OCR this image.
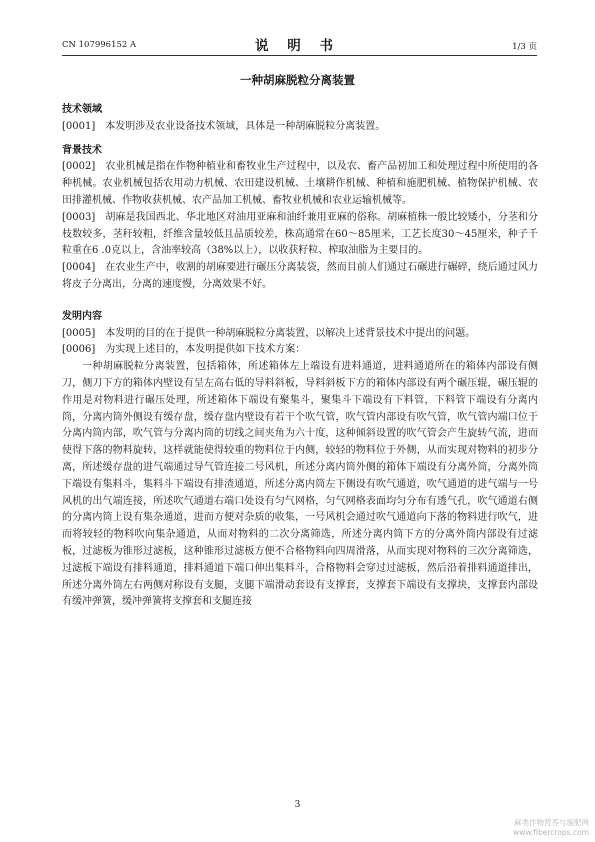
CN 107996152 A	说 明 书	1/3 页
一种胡麻脱粒分离装置
技术领域

[0001] 本发明涉及农业设备技术领域，具体是一种胡麻脱粒分离装置。

背景技术

[0002] 农业机械是指在作物种植业和畜牧业生产过程中，以及农、畜产品初加工和处理过程中所使用的各种机械。农业机械包括农用动力机械、农田建设机械、土壤耕作机械、种植和施肥机械、植物保护机械、农田排灌机械、作物收获机械、农产品加工机械、畜牧业机械和农业运输机械等。

[0003] 胡麻是我国西北、华北地区对油用亚麻和油纤兼用亚麻的俗称。胡麻植株一般比较矮小，分茎和分枝数较多，茎秆较粗，纤维含量较低且品质较差，株高通常在60～85厘米，工艺长度30～45厘米，种子千粒重在6 .0克以上，含油率较高（38%以上），以收获籽粒、榨取油脂为主要目的。

[0004] 在农业生产中，收割的胡麻要进行碾压分离装袋，然而目前人们通过石碾进行碾碎，绕后通过风力将皮子分离出，分离的速度慢，分离效果不好。

发明内容

[0005] 本发明的目的在于提供一种胡麻脱粒分离装置，以解决上述背景技术中提出的问题。

[0006] 为实现上述目的，本发明提供如下技术方案：

一种胡麻脱粒分离装置，包括箱体，所述箱体左上端设有进料通道，进料通道所在的箱体内部设有侧刀，侧刀下方的箱体内壁设有呈左高右低的导料斜板，导料斜板下方的箱体内部设有两个碾压辊，碾压辊的作用是对物料进行碾压处理，所述箱体下端设有聚集斗，聚集斗下端设有下料管，下料管下端设有分离内筒，分离内筒外侧设有缓存盘，缓存盘内壁设有若干个吹气管，吹气管内部设有吹气管，吹气管内端口位于分离内筒内部，吹气管与分离内筒的切线之间夹角为六十度，这种倾斜设置的吹气管会产生旋转气流，进而使得下落的物料旋转，这样就能使得较重的物料位于内侧，较轻的物料位于外侧，从而实现对物料的初步分离，所述缓存盘的进气端通过导气管连接二号风机，所述分离内筒外侧的箱体下端设有分离外筒，分离外筒下端设有集料斗，集料斗下端设有排渣通道，所述分离内筒左下侧设有吹气通道，吹气通道的进气端与一号风机的出气端连接，所述吹气通道右端口处设有匀气网格，匀气网格表面均匀分布有透气孔，吹气通道右侧的分离内筒上设有集杂通道，进而方便对杂质的收集，一号风机会通过吹气通道向下落的物料进行吹气，进而将较轻的物料吹向集杂通道，从而对物料的二次分离筛选，所述分离内筒下方的分离外筒内部设有过滤板，过滤板为锥形过滤板，这种锥形过滤板方便不合格物料向四周滑落，从而实现对物料的三次分离筛选，过滤板下端设有排料通道，排料通道下端口伸出集料斗，合格物料会穿过过滤板，然后沿着排料通道排出，所述分离外筒左右两侧对称设有支腿，支腿下端滑动套设有支撑套，支撑套下端设有支撑块，支撑套内部设有缓冲弹簧，缓冲弹簧将支撑套和支腿连接

3
麻类作物营养与施肥网
www.fibercrops.com
